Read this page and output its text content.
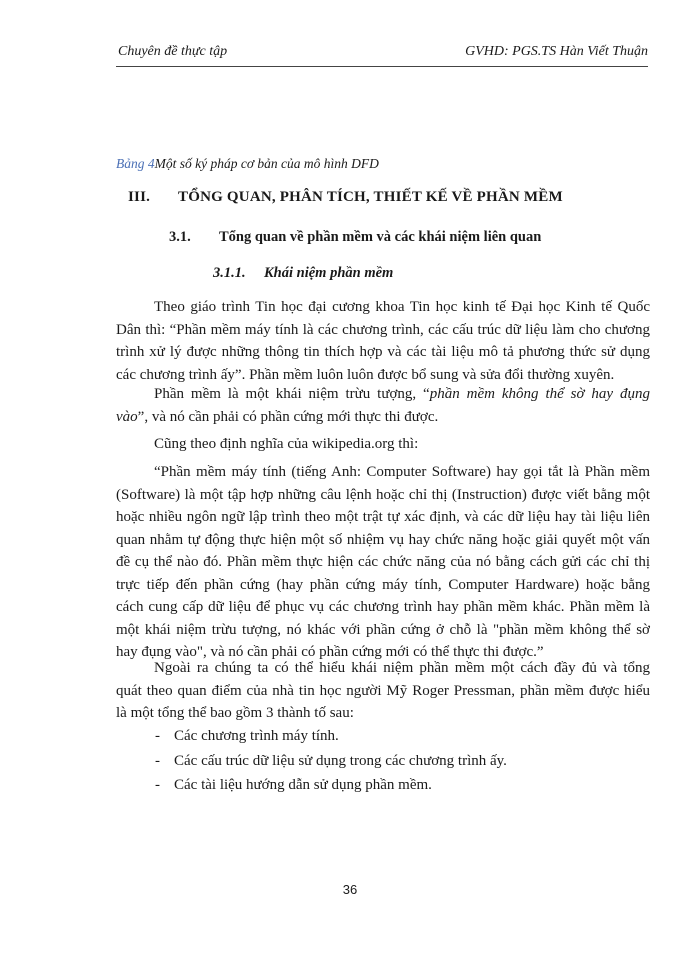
Chuyên đề thực tập	GVHD: PGS.TS Hàn Viết Thuận
Bảng 4Một số ký pháp cơ bản của mô hình DFD
III. TỔNG QUAN, PHÂN TÍCH, THIẾT KẾ VỀ PHẦN MỀM
3.1. Tổng quan về phần mềm và các khái niệm liên quan
3.1.1. Khái niệm phần mềm
Theo giáo trình Tin học đại cương khoa Tin học kinh tế Đại học Kinh tế Quốc
Dân thì: “Phần mềm máy tính là các chương trình, các cấu trúc dữ liệu làm cho chương
trình xử lý được những thông tin thích hợp và các tài liệu mô tả phương thức sử dụng
các chương trình ấy”. Phần mềm luôn luôn được bổ sung và sửa đổi thường xuyên.
Phần mềm là một khái niệm trừu tượng, “phần mềm không thể sờ hay đụng
vào”, và nó cần phải có phần cứng mới thực thi được.
Cũng theo định nghĩa của wikipedia.org thì:
“Phần mềm máy tính (tiếng Anh: Computer Software) hay gọi tắt là Phần mềm
(Software) là một tập hợp những câu lệnh hoặc chỉ thị (Instruction) được viết bằng một
hoặc nhiều ngôn ngữ lập trình theo một trật tự xác định, và các dữ liệu hay tài liệu liên
quan nhằm tự động thực hiện một số nhiệm vụ hay chức năng hoặc giải quyết một vấn
đề cụ thể nào đó. Phần mềm thực hiện các chức năng của nó bằng cách gửi các chỉ thị
trực tiếp đến phần cứng (hay phần cứng máy tính, Computer Hardware) hoặc bằng
cách cung cấp dữ liệu để phục vụ các chương trình hay phần mềm khác. Phần mềm là
một khái niệm trừu tượng, nó khác với phần cứng ở chỗ là "phần mềm không thể sờ
hay đụng vào", và nó cần phải có phần cứng mới có thể thực thi được.”
Ngoài ra chúng ta có thể hiểu khái niệm phần mềm một cách đầy đủ và tổng
quát theo quan điểm của nhà tin học người Mỹ Roger Pressman, phần mềm được hiểu
là một tổng thể bao gồm 3 thành tố sau:
- Các chương trình máy tính.
- Các cấu trúc dữ liệu sử dụng trong các chương trình ấy.
- Các tài liệu hướng dẫn sử dụng phần mềm.
36
